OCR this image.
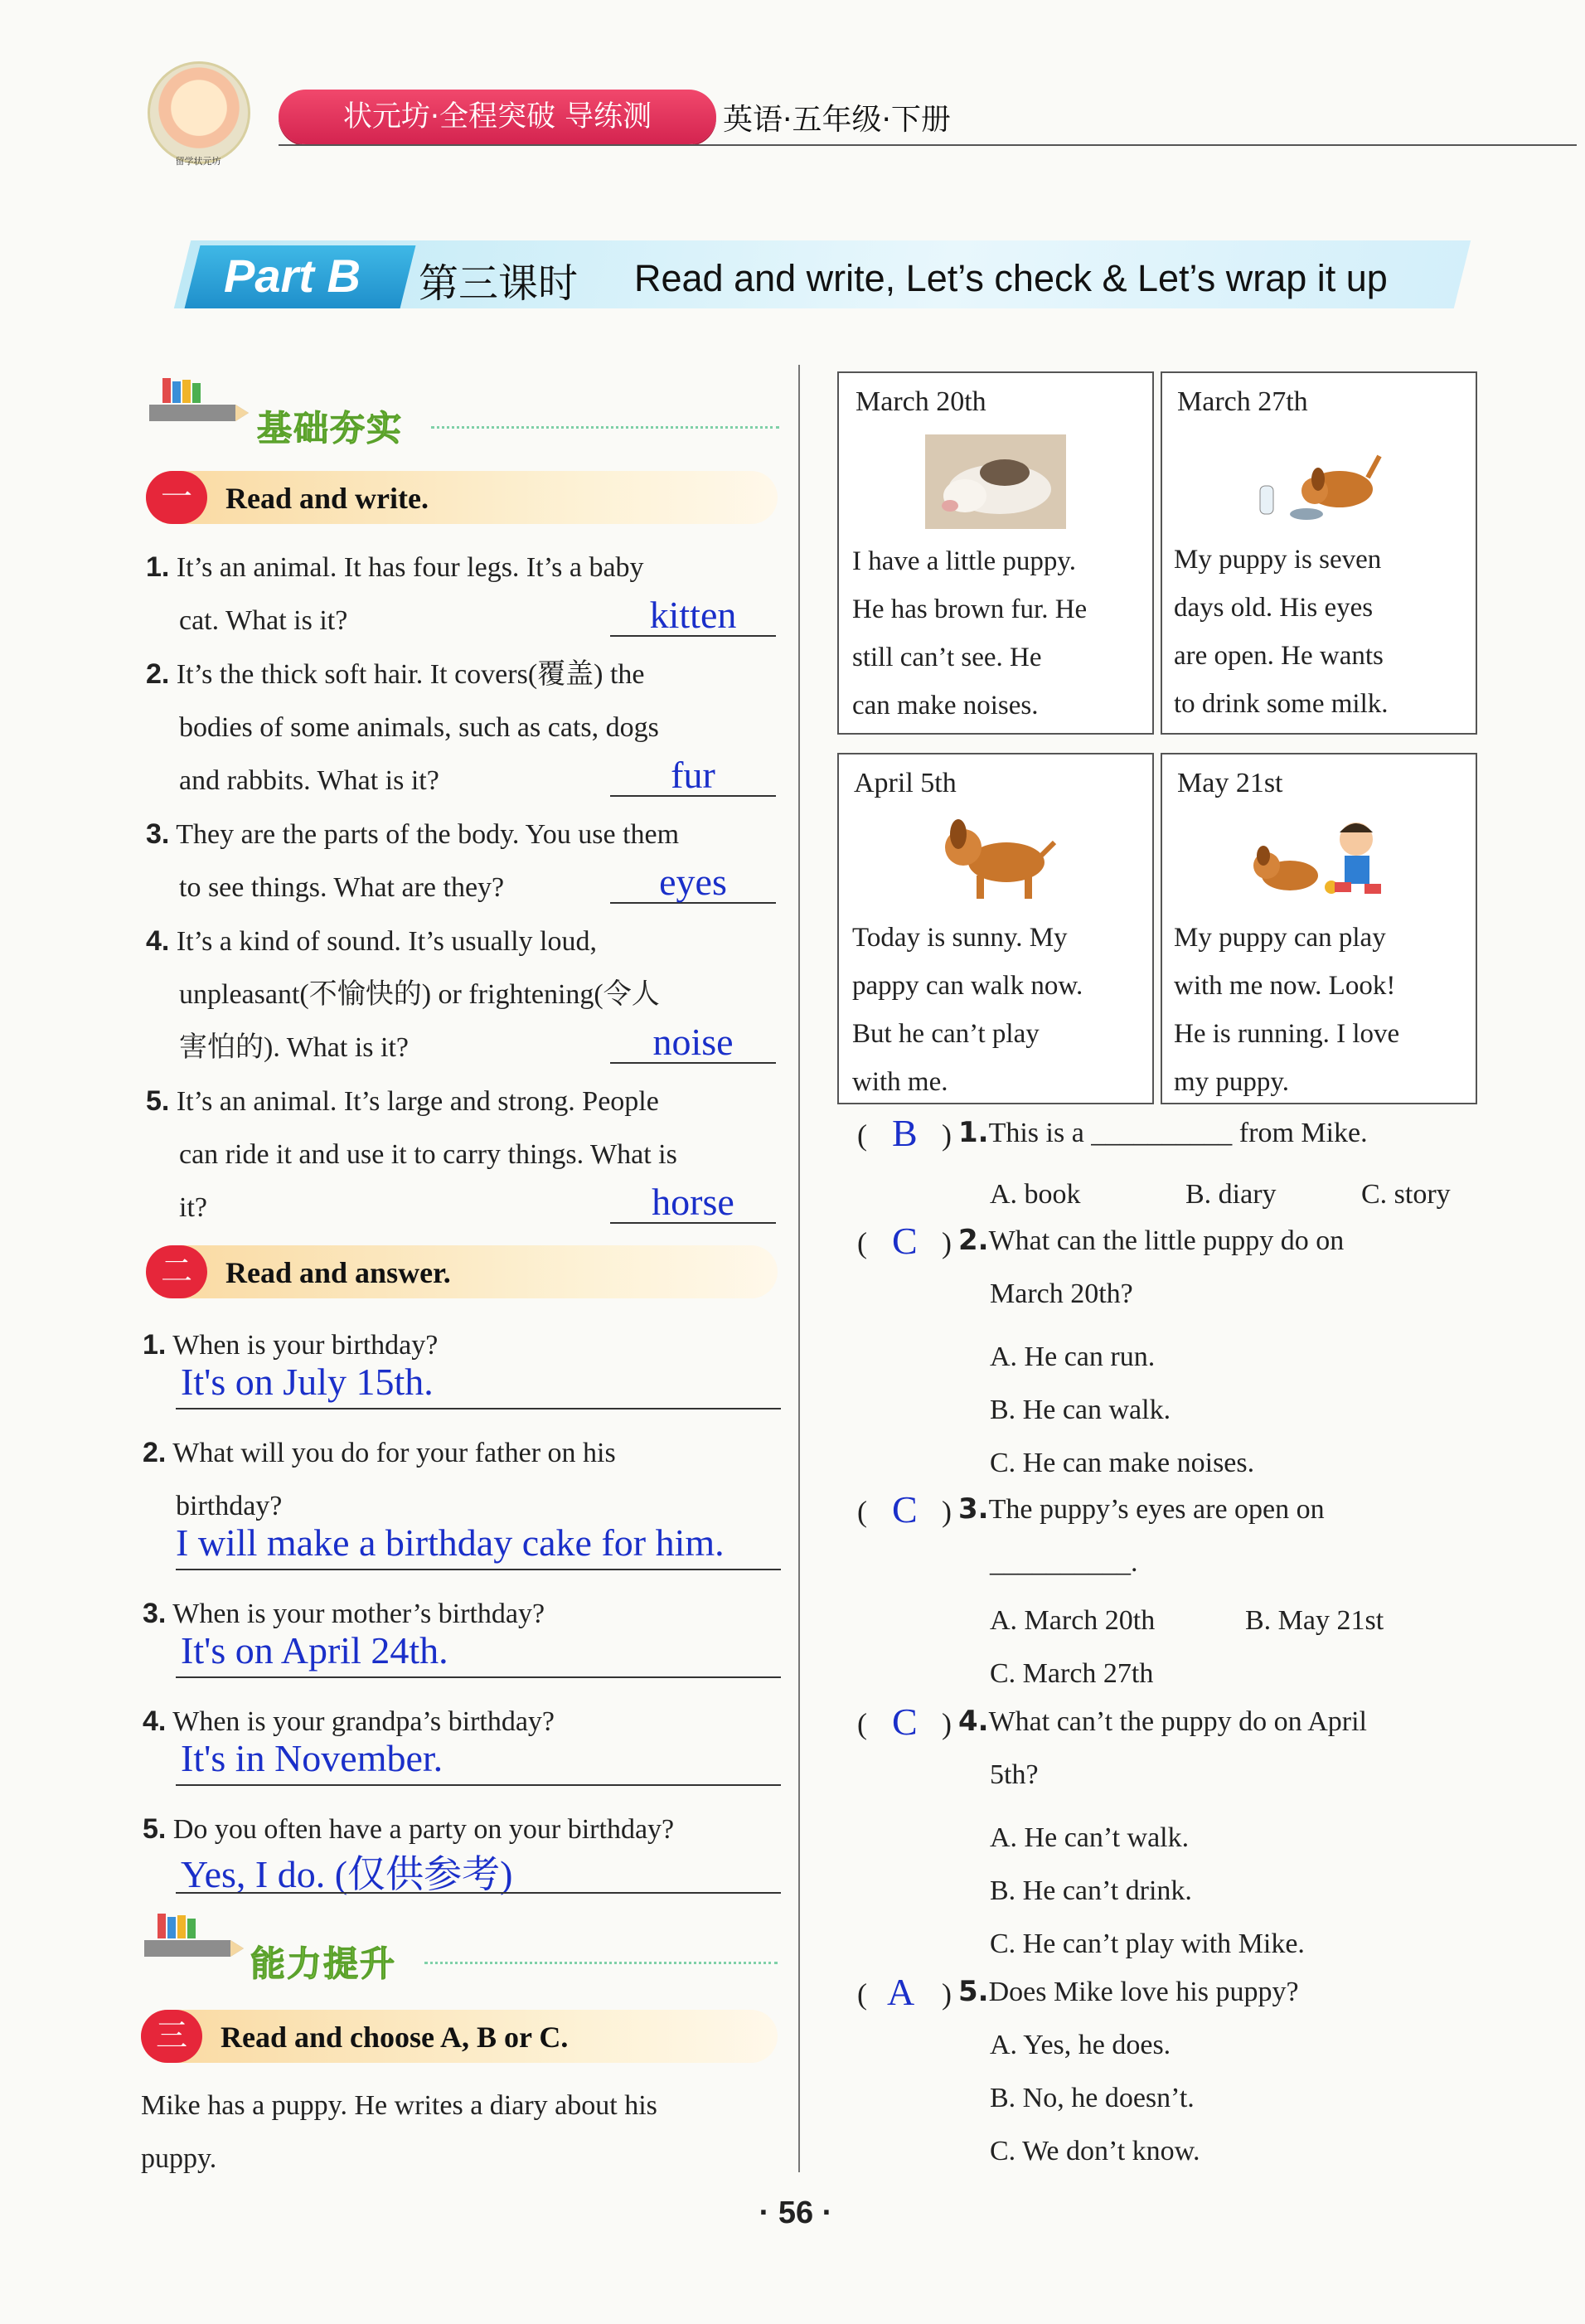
留学状元坊
状元坊·全程突破 导练测	英语·五年级·下册
Part B 第三课时 Read and write, Let’s check & Let’s wrap it up
基础夯实
一	Read and write.
1. It’s an animal. It has four legs. It’s a baby
cat. What is it?	kitten
2. It’s the thick soft hair. It covers(覆盖) the
bodies of some animals, such as cats, dogs
and rabbits. What is it?	fur
3. They are the parts of the body. You use them
to see things. What are they?	eyes
4. It’s a kind of sound. It’s usually loud,
unpleasant(不愉快的) or frightening(令人
害怕的). What is it?	noise
5. It’s an animal. It’s large and strong. People
can ride it and use it to carry things. What is
it?	horse
二	Read and answer.
1. When is your birthday?
It's on July 15th.
2. What will you do for your father on his
birthday?
I will make a birthday cake for him.
3. When is your mother’s birthday?
It's on April 24th.
4. When is your grandpa’s birthday?
It's in November.
5. Do you often have a party on your birthday?
Yes, I do. (仅供参考)
能力提升
三	Read and choose A, B or C.
Mike has a puppy. He writes a diary about his
puppy.
March 20th
I have a little puppy.
He has brown fur. He
still can’t see. He
can make noises.
March 27th
My puppy is seven
days old. His eyes
are open. He wants
to drink some milk.
April 5th
Today is sunny. My
pappy can walk now.
But he can’t play
with me.
May 21st
My puppy can play
with me now. Look!
He is running. I love
my puppy.
( B ) 1.This is a __________ from Mike.
A. book	B. diary	C. story
( C ) 2.What can the little puppy do on
March 20th?
A. He can run.
B. He can walk.
C. He can make noises.
( C ) 3.The puppy’s eyes are open on
__________.
A. March 20th	B. May 21st
C. March 27th
( C ) 4.What can’t the puppy do on April
5th?
A. He can’t walk.
B. He can’t drink.
C. He can’t play with Mike.
( A ) 5.Does Mike love his puppy?
A. Yes, he does.
B. No, he doesn’t.
C. We don’t know.
· 56 ·
